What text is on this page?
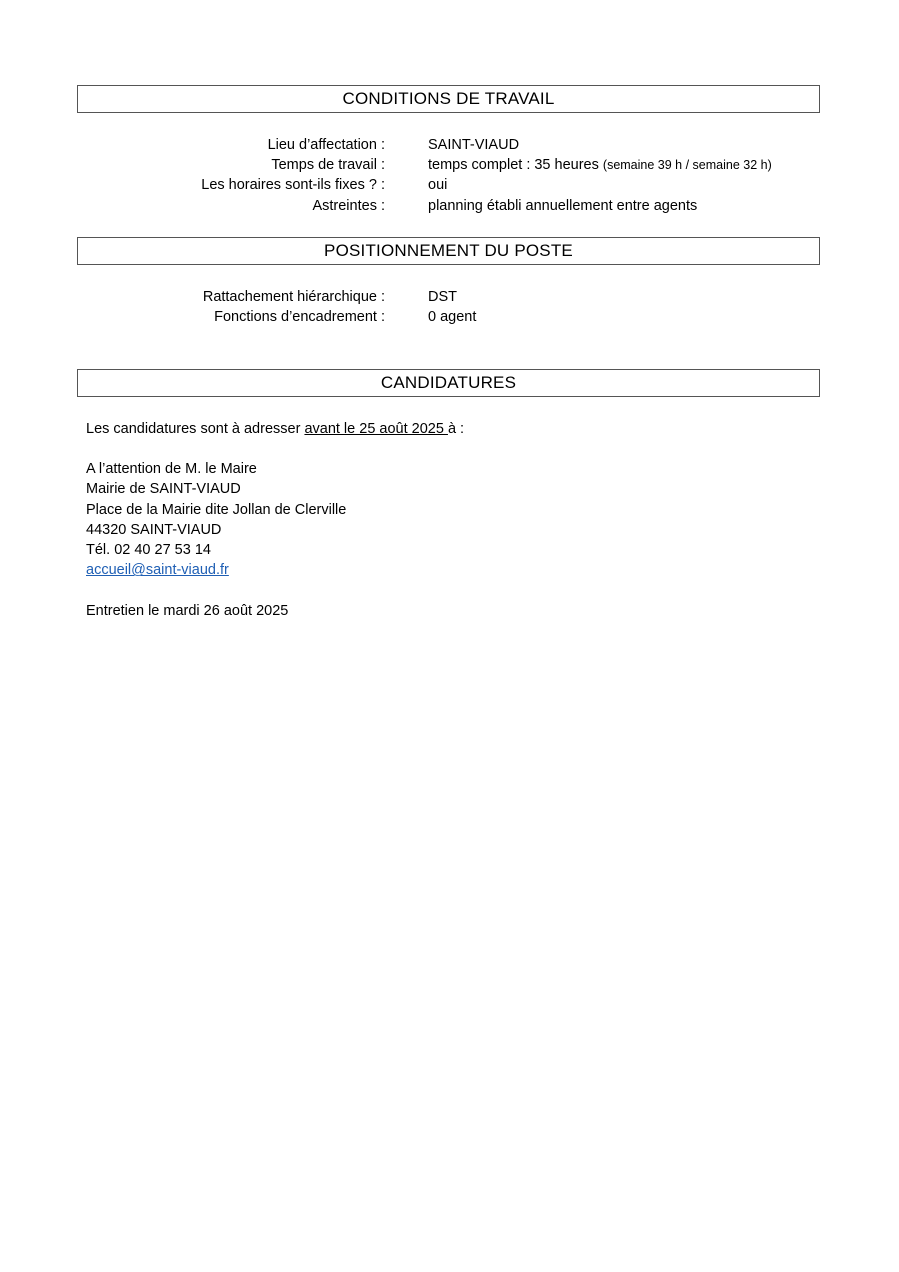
CONDITIONS DE TRAVAIL
Lieu d’affectation :	SAINT-VIAUD
Temps de travail :	temps complet : 35 heures (semaine 39 h / semaine 32 h)
Les horaires sont-ils fixes ? :	oui
Astreintes :	planning établi annuellement entre agents
POSITIONNEMENT DU POSTE
Rattachement hiérarchique :	DST
Fonctions d’encadrement :	0 agent
CANDIDATURES
Les candidatures sont à adresser avant le 25 août 2025 à :
A l’attention de M. le Maire
Mairie de SAINT-VIAUD
Place de la Mairie dite Jollan de Clerville
44320 SAINT-VIAUD
Tél. 02 40 27 53 14
accueil@saint-viaud.fr
Entretien le mardi 26 août 2025
